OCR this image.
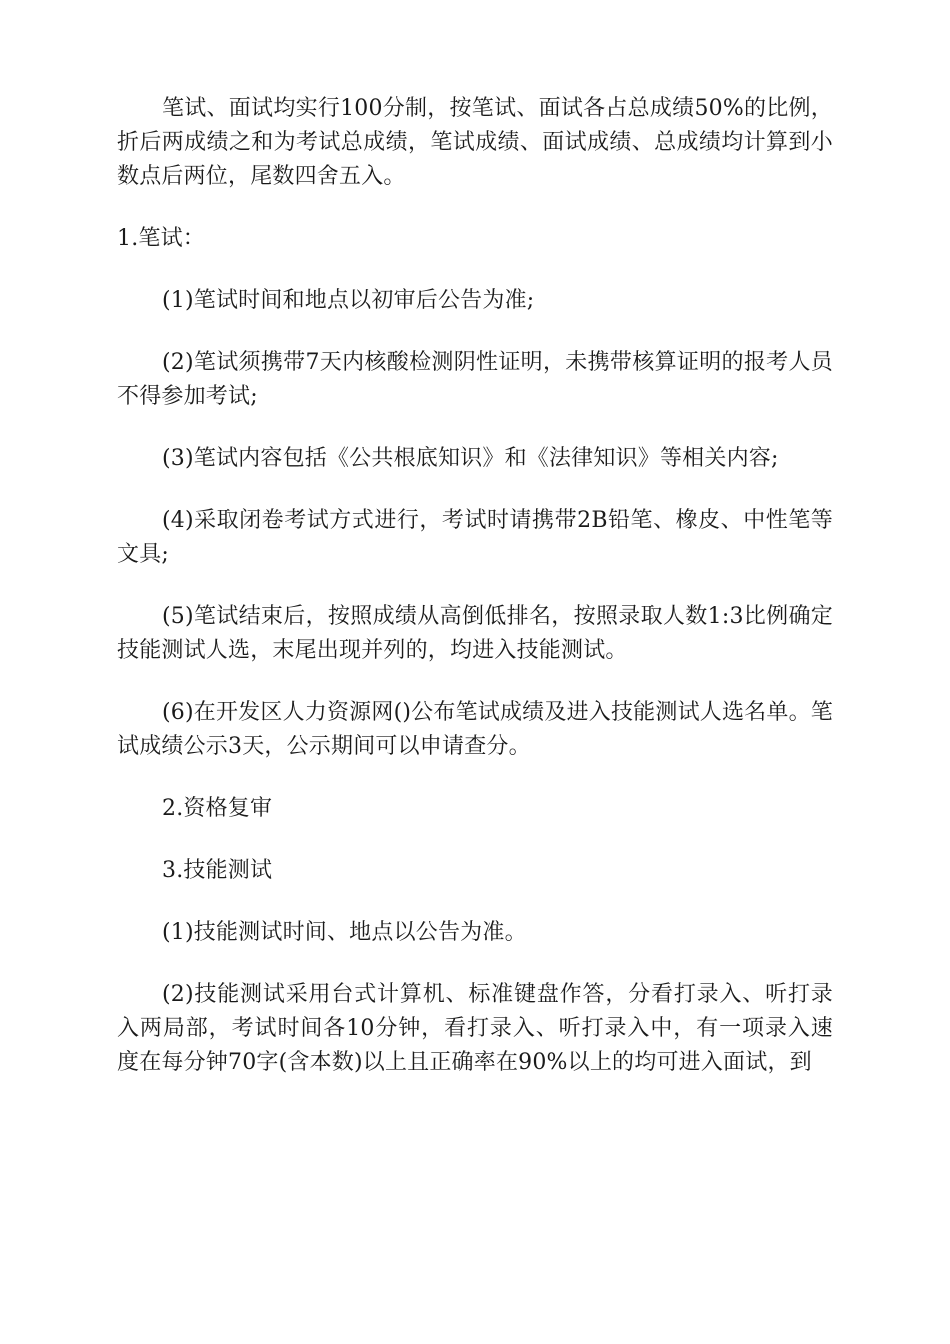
笔试、面试均实行100分制，按笔试、面试各占总成绩50%的比例，折后两成绩之和为考试总成绩，笔试成绩、面试成绩、总成绩均计算到小数点后两位，尾数四舍五入。

1.笔试：

(1)笔试时间和地点以初审后公告为准;

(2)笔试须携带7天内核酸检测阴性证明，未携带核算证明的报考人员不得参加考试;

(3)笔试内容包括《公共根底知识》和《法律知识》等相关内容;

(4)采取闭卷考试方式进行，考试时请携带2B铅笔、橡皮、中性笔等文具;

(5)笔试结束后，按照成绩从高倒低排名，按照录取人数1:3比例确定技能测试人选，末尾出现并列的，均进入技能测试。

(6)在开发区人力资源网()公布笔试成绩及进入技能测试人选名单。笔试成绩公示3天，公示期间可以申请查分。

2.资格复审

3.技能测试

(1)技能测试时间、地点以公告为准。

(2)技能测试采用台式计算机、标准键盘作答，分看打录入、听打录入两局部，考试时间各10分钟，看打录入、听打录入中，有一项录入速度在每分钟70字(含本数)以上且正确率在90%以上的均可进入面试，到
